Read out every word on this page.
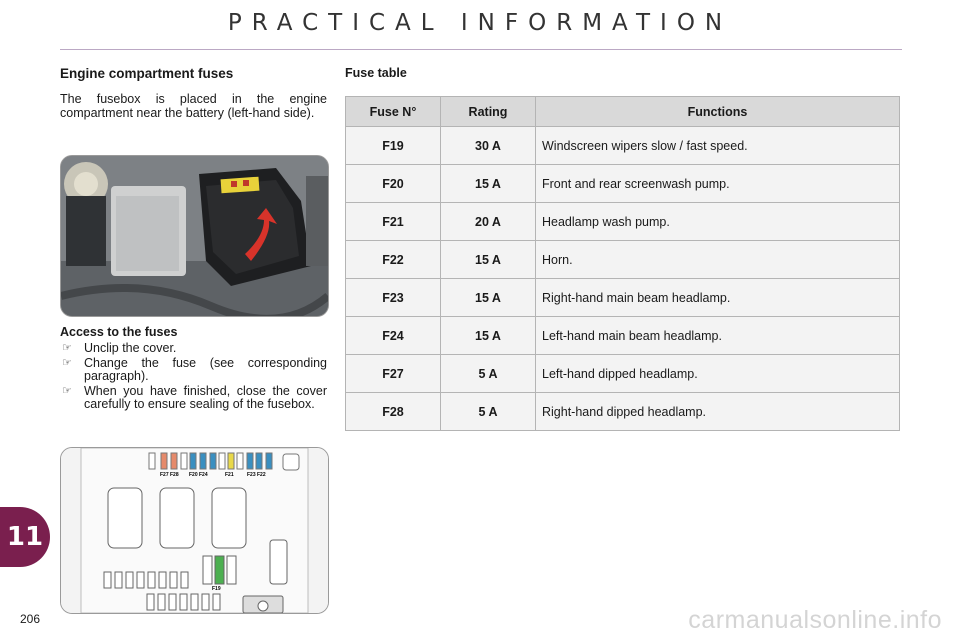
PRACTICAL INFORMATION
Engine compartment fuses
The fusebox is placed in the engine compartment near the battery (left-hand side).
Access to the fuses
☞ Unclip the cover.
☞ Change the fuse (see corresponding paragraph).
☞ When you have finished, close the cover carefully to ensure sealing of the fusebox.
F27 F28 F20 F24	F21	F23 F22
F19
Fuse table
Fuse N°	Rating	Functions
F19	30 A	Windscreen wipers slow / fast speed.
F20	15 A	Front and rear screenwash pump.
F21	20 A	Headlamp wash pump.
F22	15 A	Horn.
F23	15 A	Right-hand main beam headlamp.
F24	15 A	Left-hand main beam headlamp.
F27	5 A	Left-hand dipped headlamp.
F28	5 A	Right-hand dipped headlamp.
11
206	carmanualsonline.info
